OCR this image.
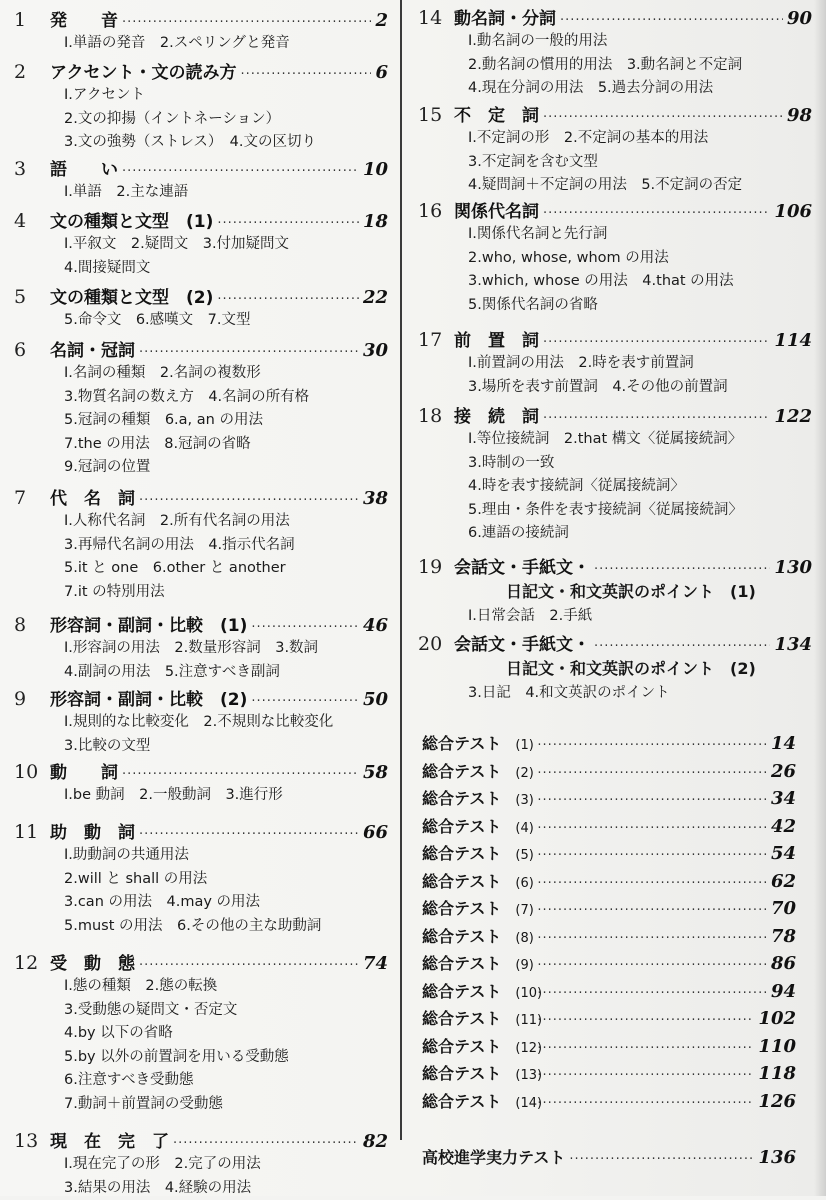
1	発　　音 ·····	2
Ⅰ.単語の発音　2.スペリングと発音
2	アクセント・文の読み方 ·····	6
Ⅰ.アクセント
2.文の抑揚（イントネーション）
3.文の強勢（ストレス）　4.文の区切り
3	語　　い ·····	10
Ⅰ.単語　2.主な連語
4	文の種類と文型　(1) ·····	18
Ⅰ.平叙文　2.疑問文　3.付加疑問文
4.間接疑問文
5	文の種類と文型　(2) ·····	22
5.命令文　6.感嘆文　7.文型
6	名詞・冠詞 ·····	30
Ⅰ.名詞の種類　2.名詞の複数形
3.物質名詞の数え方　4.名詞の所有格
5.冠詞の種類　6.a, an の用法
7.the の用法　8.冠詞の省略
9.冠詞の位置
7	代　名　詞 ·····	38
Ⅰ.人称代名詞　2.所有代名詞の用法
3.再帰代名詞の用法　4.指示代名詞
5.it と one　6.other と another
7.it の特別用法
8	形容詞・副詞・比較　(1) ·····	46
Ⅰ.形容詞の用法　2.数量形容詞　3.数詞
4.副詞の用法　5.注意すべき副詞
9	形容詞・副詞・比較　(2) ·····	50
Ⅰ.規則的な比較変化　2.不規則な比較変化
3.比較の文型
10 動　　詞 ·····	58
Ⅰ.be 動詞　2.一般動詞　3.進行形
11 助　動　詞 ·····	66
Ⅰ.助動詞の共通用法
2.will と shall の用法
3.can の用法　4.may の用法
5.must の用法　6.その他の主な助動詞
12 受　動　態 ·····	74
Ⅰ.態の種類　2.態の転換
3.受動態の疑問文・否定文
4.by 以下の省略
5.by 以外の前置詞を用いる受動態
6.注意すべき受動態
7.動詞＋前置詞の受動態
13 現　在　完　了 ·····	82
Ⅰ.現在完了の形　2.完了の用法
3.結果の用法　4.経験の用法
14 動名詞・分詞 ·····	90
Ⅰ.動名詞の一般的用法
2.動名詞の慣用的用法　3.動名詞と不定詞
4.現在分詞の用法　5.過去分詞の用法
15 不　定　詞 ·····	98
Ⅰ.不定詞の形　2.不定詞の基本的用法
3.不定詞を含む文型
4.疑問詞＋不定詞の用法　5.不定詞の否定
16 関係代名詞 ·····	106
Ⅰ.関係代名詞と先行詞
2.who, whose, whom の用法
3.which, whose の用法　4.that の用法
5.関係代名詞の省略
17 前　置　詞 ·····	114
Ⅰ.前置詞の用法　2.時を表す前置詞
3.場所を表す前置詞　4.その他の前置詞
18 接　続　詞 ·····	122
Ⅰ.等位接続詞　2.that 構文〈従属接続詞〉
3.時制の一致
4.時を表す接続詞〈従属接続詞〉
5.理由・条件を表す接続詞〈従属接続詞〉
6.連語の接続詞
19 会話文・手紙文・ ·····	130
日記文・和文英訳のポイント　(1)
Ⅰ.日常会話　2.手紙
20 会話文・手紙文・ ·····	134
日記文・和文英訳のポイント　(2)
3.日記　4.和文英訳のポイント
総合テスト (1) ·····	14
総合テスト (2) ·····	26
総合テスト (3) ·····	34
総合テスト (4) ·····	42
総合テスト (5) ·····	54
総合テスト (6) ·····	62
総合テスト (7) ·····	70
総合テスト (8) ·····	78
総合テスト (9) ·····	86
総合テスト (10) ·····	94
総合テスト (11) ·····	102
総合テスト (12) ·····	110
総合テスト (13) ·····	118
総合テスト (14) ·····	126
高校進学実力テスト ·····	136
